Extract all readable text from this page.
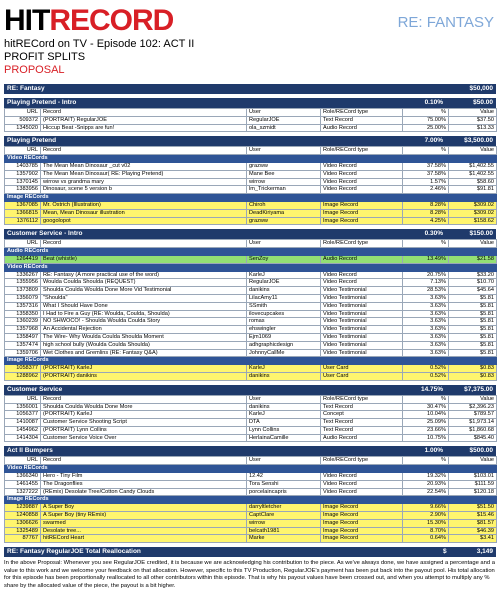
HITRECORD	RE: FANTASY
hitRECord on TV - Episode 102: ACT II
PROFIT SPLITS
PROPOSAL
RE: Fantasy	$50,000
Playing Pretend - Intro	0.10%	$50.00
URL	Record	User	Role/RECord type	%	Value
509372	(PORTRAIT) RegularJOE	RegularJOE	Text Record	75.00%	$37.50
1345020	Hiccup Beat -Snipps are fun!	ola_szmidt	Audio Record	25.00%	$13.33
Playing Pretend	7.00%	$3,500.00
URL	Record	User	Role/RECord type	%	Value
Video RECords					
1403785	The Mean Mean Dinosaur _cut v02	grazww	Video Record	37.58%	$1,402.55
1357902	The Mean Mean Dinosaur( RE: Playing Pretend)	Mane Bee	Video Record	37.58%	$1,402.55
1370145	wirrow vs grandma mary	wirrow	Video Record	1.57%	$58.60
1383956	Dinosaur, scene 5 version b	lm_Trickerman	Video Record	2.46%	$91.81
Image RECords					
1367085	Mr. Ostrich (Illustration)	Chiroh	Image Record	8.28%	$309.02
1366815	Mean, Mean Dinosaur illustration	DeadKiriyama	Image Record	8.28%	$309.02
1376112	googolopot	grazww	Image Record	4.25%	$158.62
Customer Service - Intro	0.30%	$150.00
URL	Record	User	Role/RECord type	%	Value
Audio RECords					
1264419	Beat (whistle)	SenZoy	Audio Record	13.49%	$21.58
Video RECords					
1336267	RE: Fantasy (A more practical use of the word)	KarleJ	Video Record	20.75%	$33.20
1355956	Woulda Coulda Shoulda (REQUEST)	RegularJOE	Video Record	7.13%	$10.70
1373809	Shoulda Coulda Woulda Done More Vid Testimonial	danikins	Video Testimonial	28.53%	$45.64
1356079	"Shoulda"	LilacAmy11	Video Testimonial	3.63%	$5.81
1357316	What I Should Have Done	SSmith	Video Testimonial	3.63%	$5.81
1358350	I Had to Fire a Guy (RE: Woulda, Coulda, Shoulda)	ilovecupcakes	Video Testimonial	3.63%	$5.81
1360239	NO SHWOCO! - Shoulda Woulda Coulda Story	romas	Video Testimonial	3.63%	$5.81
1357968	An Accidental Rejection	ehswingler	Video Testimonial	3.63%	$5.81
1358497	The Wire- Why Woulda Coulda Shoulda Moment	Ejm1069	Video Testimonial	3.63%	$5.81
1357474	high school bully (Woulda Coulda Shoulda)	adhgraphicdesign	Video Testimonial	3.63%	$5.81
1359706	Wet Clothes and Gremlins (RE: Fantasy Q&A)	JohnnyCallMe	Video Testimonial	3.63%	$5.81
Image RECords					
1058377	(PORTRAIT) KarleJ	KarleJ	User Card	0.52%	$0.83
1288962	(PORTRAIT) danikins	danikins	User Card	0.52%	$0.83
Customer Service	14.75%	$7,375.00
URL	Record	User	Role/RECord type	%	Value
1356001	Shoulda Coulda Woulda Done More	danikins	Text Record	30.47%	$2,396.23
1056377	(PORTRAIT) KarleJ	KarleJ	Concept	10.04%	$789.57
1410087	Customer Service Shooting Script	DTA	Text Record	25.09%	$1,973.14
1454962	(PORTRAIT) Lynn Collins	Lynn Collins	Text Record	23.66%	$1,860.68
1414304	Customer Service Voice Over	HerlainaCamille	Audio Record	10.75%	$845.40
Act II Bumpers	1.00%	$500.00
URL	Record	User	Role/RECord type	%	Value
Video RECords					
1366340	Hero - Tiny Film	12.42	Video Record	19.32%	$103.01
1461455	The Dragonflies	Tora Senshi	Video Record	20.93%	$111.59
1327222	(REmix) Desolate Tree/Cotton Candy Clouds	porcelaincapris	Video Record	22.54%	$120.18
Image RECords					
1239887	A Super Boy	darryltletcher	Image Record	9.66%	$51.50
1240858	A Super Boy (tiny REmix)	CaptClare	Image Record	2.90%	$15.46
1306626	swarmed	wirrow	Image Record	15.30%	$81.57
1325489	Desolate tree...	belcath1981	Image Record	8.70%	$46.39
87767	hitRECord Heart	Marke	Image Record	0.64%	$3.41
RE: Fantasy RegularJOE Total Reallocation	$	3,149
In the above Proposal: Whenever you see RegularJOE credited, it is because we are acknowledging his contribution to the piece. As we've always done, we have assigned a percentage and a value to this work and we welcome your feedback on that allocation. However, specific to this TV Production, RegularJOE's payment has been put back into the payout pool. His total allocation for this episode has been proportionally reallocated to all other contributors within this episode. That is why his payout values have been crossed out, and when you attempt to multiply any % share by the allocated value of the piece, the payout is a bit higher.
